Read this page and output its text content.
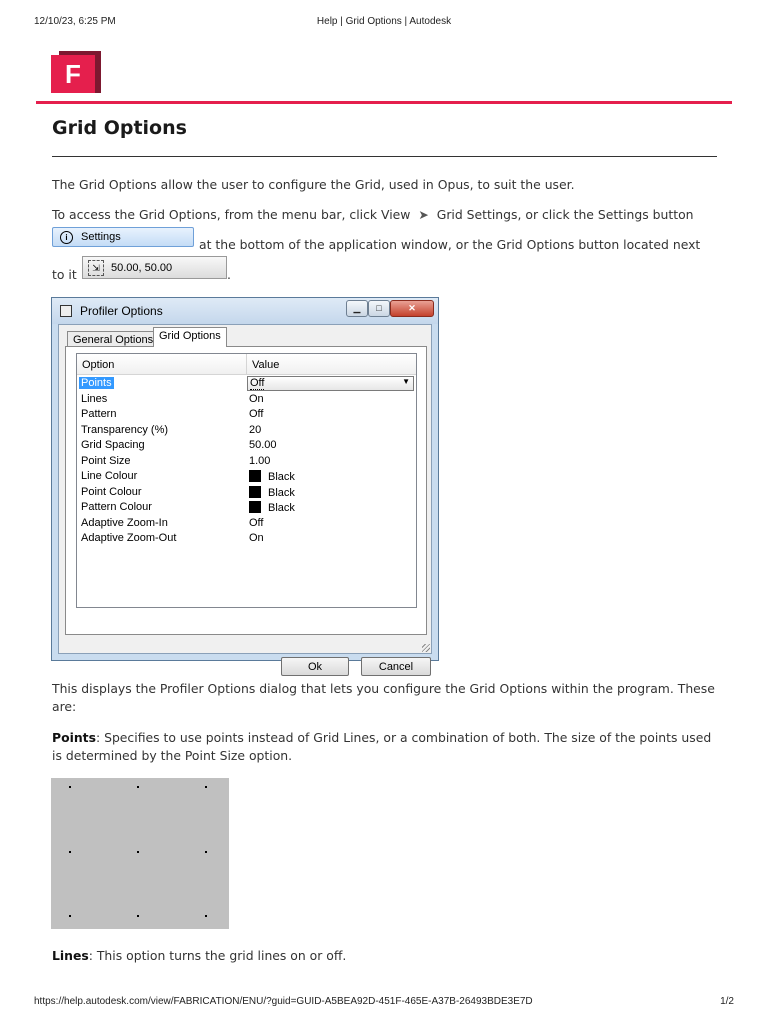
12/10/23, 6:25 PM	Help | Grid Options | Autodesk
F
Grid Options

The Grid Options allow the user to configure the Grid, used in Opus, to suit the user.

To access the Grid Options, from the menu bar, click View ➤ Grid Settings, or click the Settings button

i	Settings	at the bottom of the application window, or the Grid Options button located next

to it	⇲	50.00, 50.00	.

Profiler Options	▁	□	✕
General Options Grid Options
Option	Value
Points	Off	▼
Lines	On
Pattern	Off
Transparency (%)	20
Grid Spacing	50.00
Point Size	1.00
Line Colour	Black
Point Colour	Black
Pattern Colour	Black
Adaptive Zoom-In	Off
Adaptive Zoom-Out	On
Ok	Cancel

This displays the Profiler Options dialog that lets you configure the Grid Options within the program. These are:

Points: Specifies to use points instead of Grid Lines, or a combination of both. The size of the points used is determined by the Point Size option.

Lines: This option turns the grid lines on or off.

https://help.autodesk.com/view/FABRICATION/ENU/?guid=GUID-A5BEA92D-451F-465E-A37B-26493BDE3E7D	1/2
